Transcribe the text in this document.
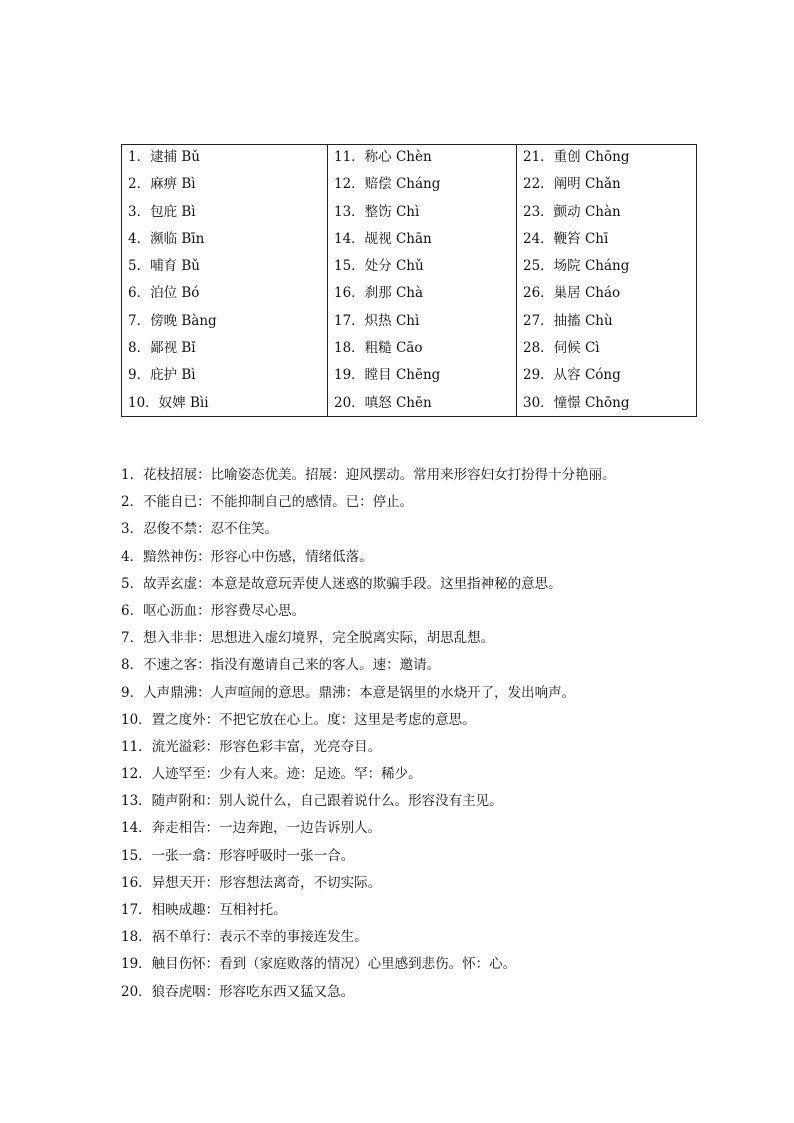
1．逮捕 Bǔ
2．麻痹 Bì
3．包庇 Bì
4．濒临 Bīn
5．哺育 Bǔ
6．泊位 Bó
7．傍晚 Bàng
8．鄙视 Bǐ
9．庇护 Bì
10．奴婢 Bìi
11．称心 Chèn
12．赔偿 Cháng
13．整饬 Chì
14．觇视 Chān
15．处分 Chǔ
16．刹那 Chà
17．炽热 Chì
18．粗糙 Cāo
19．瞠目 Chēng
20．嗔怒 Chēn
21．重创 Chōng
22．阐明 Chǎn
23．颤动 Chàn
24．鞭笞 Chī
25．场院 Cháng
26．巢居 Cháo
27．抽搐 Chù
28．伺候 Cì
29．从容 Cóng
30．憧憬 Chōng
1．花枝招展：比喻姿态优美。招展：迎风摆动。常用来形容妇女打扮得十分艳丽。
2．不能自已：不能抑制自己的感情。已：停止。
3．忍俊不禁：忍不住笑。
4．黯然神伤：形容心中伤感，情绪低落。
5．故弄玄虚：本意是故意玩弄使人迷惑的欺骗手段。这里指神秘的意思。
6．呕心沥血：形容费尽心思。
7．想入非非：思想进入虚幻境界，完全脱离实际，胡思乱想。
8．不速之客：指没有邀请自己来的客人。速：邀请。
9．人声鼎沸：人声喧闹的意思。鼎沸：本意是锅里的水烧开了，发出响声。
10．置之度外：不把它放在心上。度：这里是考虑的意思。
11．流光溢彩：形容色彩丰富，光亮夺目。
12．人迹罕至：少有人来。迹：足迹。罕：稀少。
13．随声附和：别人说什么，自己跟着说什么。形容没有主见。
14．奔走相告：一边奔跑，一边告诉别人。
15．一张一翕：形容呼吸时一张一合。
16．异想天开：形容想法离奇，不切实际。
17．相映成趣：互相衬托。
18．祸不单行：表示不幸的事接连发生。
19．触目伤怀：看到（家庭败落的情况）心里感到悲伤。怀：心。
20．狼吞虎咽：形容吃东西又猛又急。
